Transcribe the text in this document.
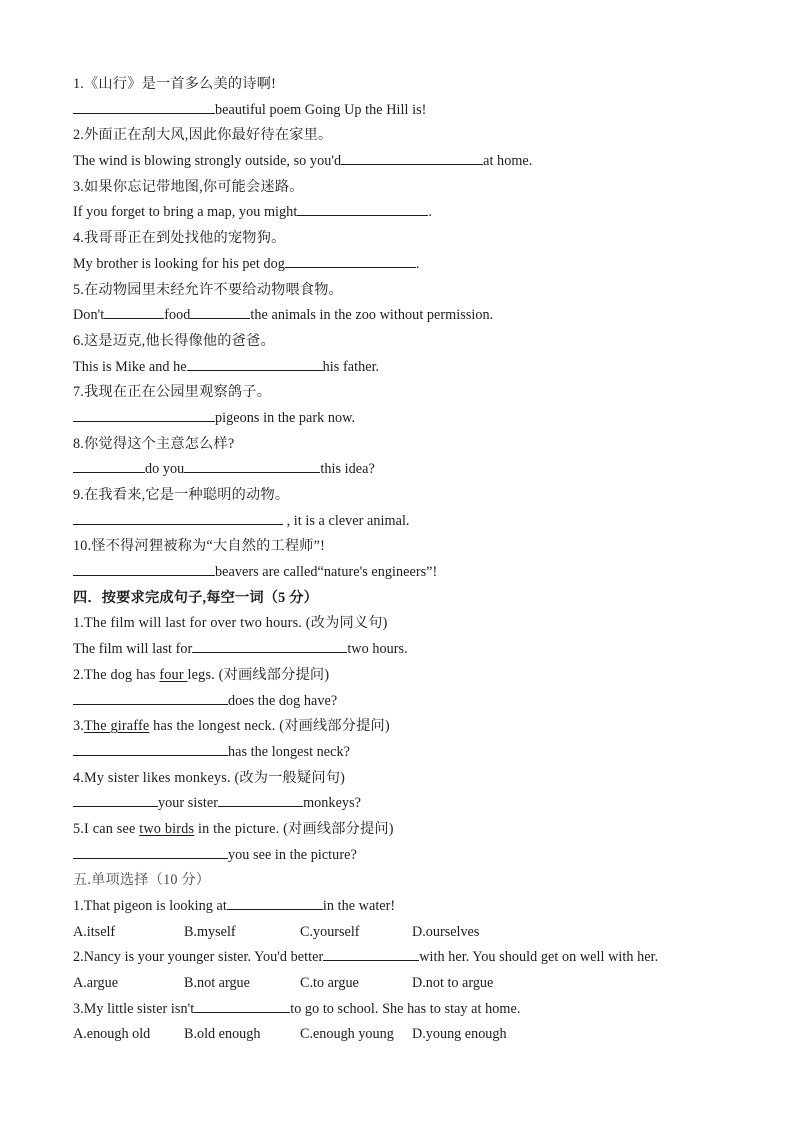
1.《山行》是一首多么美的诗啊!
beautiful poem Going Up the Hill is!
2.外面正在刮大风,因此你最好待在家里。
The wind is blowing strongly outside, so you'd	at home.
3.如果你忘记带地图,你可能会迷路。
If you forget to bring a map, you might	.
4.我哥哥正在到处找他的宠物狗。
My brother is looking for his pet dog	.
5.在动物园里未经允许不要给动物喂食物。
Don't	food	the animals in the zoo without permission.
6.这是迈克,他长得像他的爸爸。
This is Mike and he	his father.
7.我现在正在公园里观察鸽子。
pigeons in the park now.
8.你觉得这个主意怎么样?
do you	this idea?
9.在我看来,它是一种聪明的动物。
, it is a clever animal.
10.怪不得河狸被称为“大自然的工程师”!
beavers are called“nature's engineers”!
四．按要求完成句子,每空一词（5 分）
1.The film will last for over two hours. (改为同义句)
The film will last for	two hours.
2.The dog has four legs. (对画线部分提问)
does the dog have?
3.The giraffe has the longest neck. (对画线部分提问)
has the longest neck?
4.My sister likes monkeys. (改为一般疑问句)
your sister	monkeys?
5.I can see two birds in the picture. (对画线部分提问)
you see in the picture?
五.单项选择（10 分）
1.That pigeon is looking at	in the water!
A.itself	B.myself	C.yourself	D.ourselves
2.Nancy is your younger sister. You'd better	with her. You should get on well with her.
A.argue	B.not argue	C.to argue	D.not to argue
3.My little sister isn't	to go to school. She has to stay at home.
A.enough old B.old enough	C.enough young D.young enough
